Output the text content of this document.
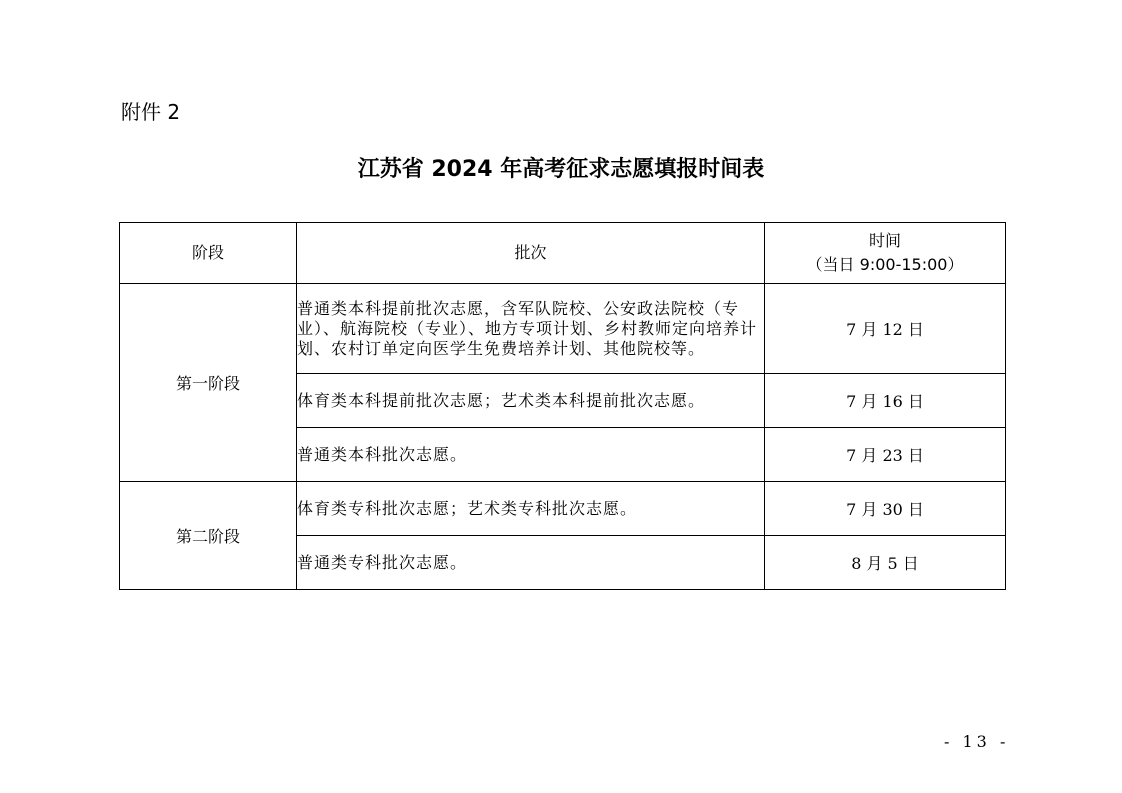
附件 2
江苏省 2024 年高考征求志愿填报时间表
阶段	批次	时间
（当日 9:00-15:00）

第一阶段	普通类本科提前批次志愿，含军队院校、公安政法院校（专业）、航海院校（专业）、地方专项计划、乡村教师定向培养计划、农村订单定向医学生免费培养计划、其他院校等。	7 月 12 日
	体育类本科提前批次志愿；艺术类本科提前批次志愿。	7 月 16 日
	普通类本科批次志愿。	7 月 23 日
第二阶段	体育类专科批次志愿；艺术类专科批次志愿。	7 月 30 日
	普通类专科批次志愿。	8 月 5 日
- 13 -
